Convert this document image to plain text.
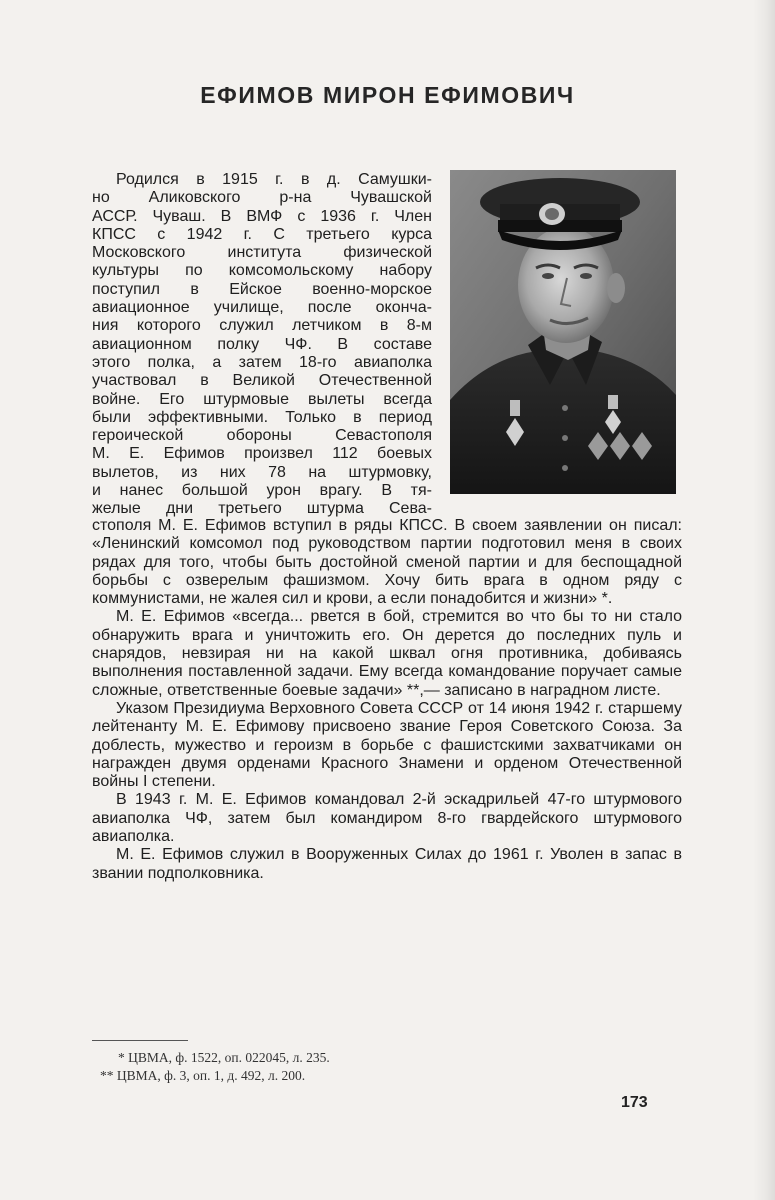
ЕФИМОВ МИРОН ЕФИМОВИЧ
Родился в 1915 г. в д. Самушки-
но Аликовского р-на Чувашской
АССР. Чуваш. В ВМФ с 1936 г. Член
КПСС с 1942 г. С третьего курса
Московского института физической
культуры по комсомольскому набору
поступил в Ейское военно-морское
авиационное училище, после оконча-
ния которого служил летчиком в 8-м
авиационном полку ЧФ. В составе
этого полка, а затем 18-го авиаполка
участвовал в Великой Отечественной
войне. Его штурмовые вылеты всегда
были эффективными. Только в период
героической обороны Севастополя
М. Е. Ефимов произвел 112 боевых
вылетов, из них 78 на штурмовку,
и нанес большой урон врагу. В тя-
желые дни третьего штурма Сева-

стополя М. Е. Ефимов вступил в ряды КПСС. В своем заявлении он писал: «Ленинский комсомол под руководством партии подготовил меня в своих рядах для того, чтобы быть достойной сменой партии и для беспощадной борьбы с озверелым фашизмом. Хочу бить врага в одном ряду с коммунистами, не жалея сил и крови, а если понадобится и жизни» *.

М. Е. Ефимов «всегда... рвется в бой, стремится во что бы то ни стало обнаружить врага и уничтожить его. Он дерется до последних пуль и снарядов, невзирая ни на какой шквал огня противника, добиваясь выполнения поставленной задачи. Ему всегда командование поручает самые сложные, ответственные боевые задачи» **,— записано в наградном листе.

Указом Президиума Верховного Совета СССР от 14 июня 1942 г. старшему лейтенанту М. Е. Ефимову присвоено звание Героя Советского Союза. За доблесть, мужество и героизм в борьбе с фашистскими захватчиками он награжден двумя орденами Красного Знамени и орденом Отечественной войны I степени.

В 1943 г. М. Е. Ефимов командовал 2-й эскадрильей 47-го штурмового авиаполка ЧФ, затем был командиром 8-го гвардейского штурмового авиаполка.

М. Е. Ефимов служил в Вооруженных Силах до 1961 г. Уволен в запас в звании подполковника.

* ЦВМА, ф. 1522, оп. 022045, л. 235.
** ЦВМА, ф. 3, оп. 1, д. 492, л. 200.
173
